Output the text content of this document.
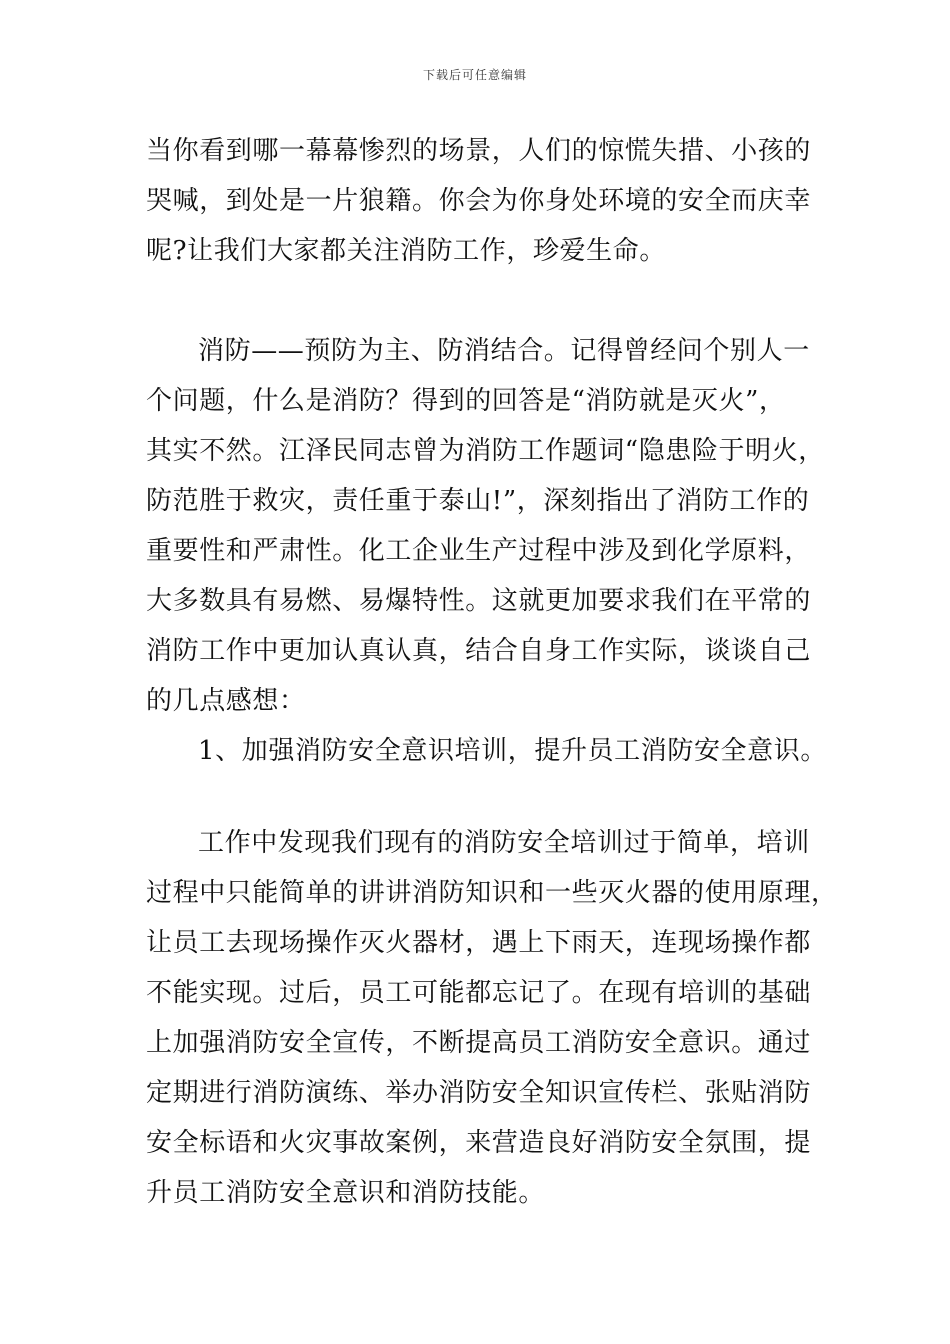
下载后可任意编辑
当你看到哪一幕幕惨烈的场景，人们的惊慌失措、小孩的
哭喊，到处是一片狼籍。你会为你身处环境的安全而庆幸
呢?让我们大家都关注消防工作，珍爱生命。
消防——预防为主、防消结合。记得曾经问个别人一
个问题，什么是消防？得到的回答是“消防就是灭火”，
其实不然。江泽民同志曾为消防工作题词“隐患险于明火，
防范胜于救灾，责任重于泰山!”，深刻指出了消防工作的
重要性和严肃性。化工企业生产过程中涉及到化学原料，
大多数具有易燃、易爆特性。这就更加要求我们在平常的
消防工作中更加认真认真，结合自身工作实际，谈谈自己
的几点感想：
1、加强消防安全意识培训，提升员工消防安全意识。
工作中发现我们现有的消防安全培训过于简单，培训
过程中只能简单的讲讲消防知识和一些灭火器的使用原理，
让员工去现场操作灭火器材，遇上下雨天，连现场操作都
不能实现。过后，员工可能都忘记了。在现有培训的基础
上加强消防安全宣传，不断提高员工消防安全意识。通过
定期进行消防演练、举办消防安全知识宣传栏、张贴消防
安全标语和火灾事故案例，来营造良好消防安全氛围，提
升员工消防安全意识和消防技能。
